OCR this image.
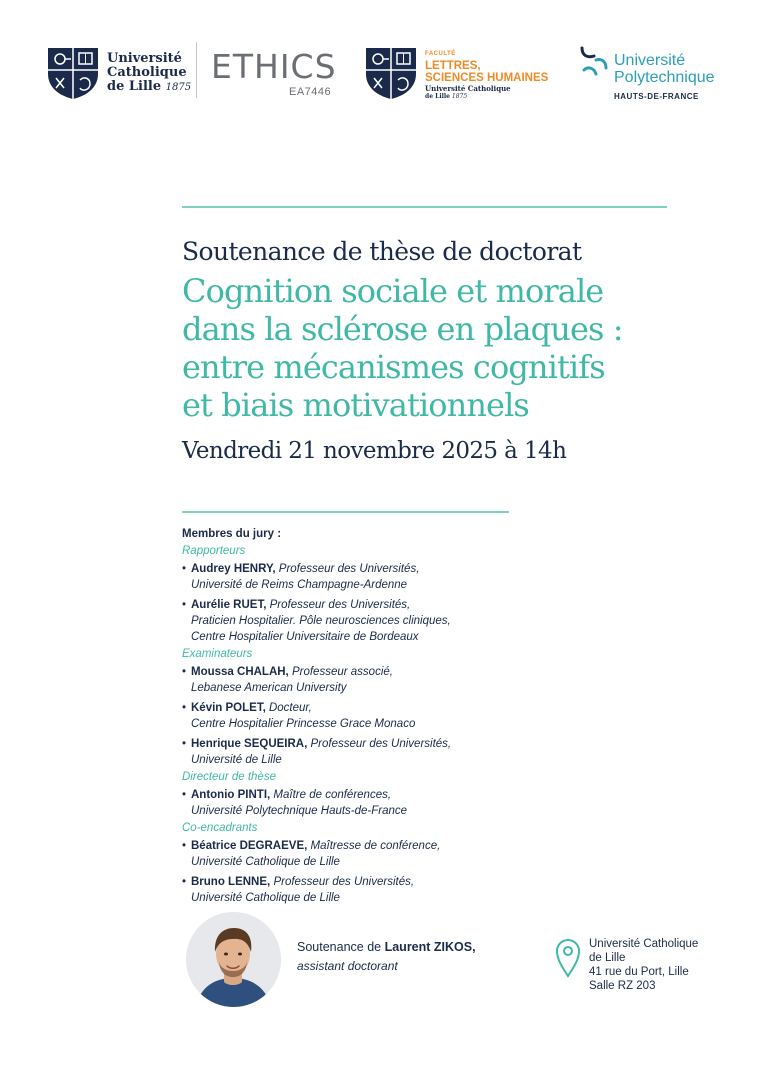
Université
Catholique
de Lille 1875
ETHICS
EA7446
FACULTÉ
LETTRES,
SCIENCES HUMAINES
Université Catholique
de Lille 1875
Université
Polytechnique
HAUTS-DE-FRANCE
Soutenance de thèse de doctorat
Cognition sociale et morale
dans la sclérose en plaques :
entre mécanismes cognitifs
et biais motivationnels
Vendredi 21 novembre 2025 à 14h
Membres du jury :
Rapporteurs
• Audrey HENRY, Professeur des Universités,
Université de Reims Champagne-Ardenne
• Aurélie RUET, Professeur des Universités,
Praticien Hospitalier. Pôle neurosciences cliniques,
Centre Hospitalier Universitaire de Bordeaux
Examinateurs
• Moussa CHALAH, Professeur associé,
Lebanese American University
• Kévin POLET, Docteur,
Centre Hospitalier Princesse Grace Monaco
• Henrique SEQUEIRA, Professeur des Universités,
Université de Lille
Directeur de thèse
• Antonio PINTI, Maître de conférences,
Université Polytechnique Hauts-de-France
Co-encadrants
• Béatrice DEGRAEVE, Maîtresse de conférence,
Université Catholique de Lille
• Bruno LENNE, Professeur des Universités,
Université Catholique de Lille
Soutenance de Laurent ZIKOS,
assistant doctorant
Université Catholique
de Lille
41 rue du Port, Lille
Salle RZ 203
